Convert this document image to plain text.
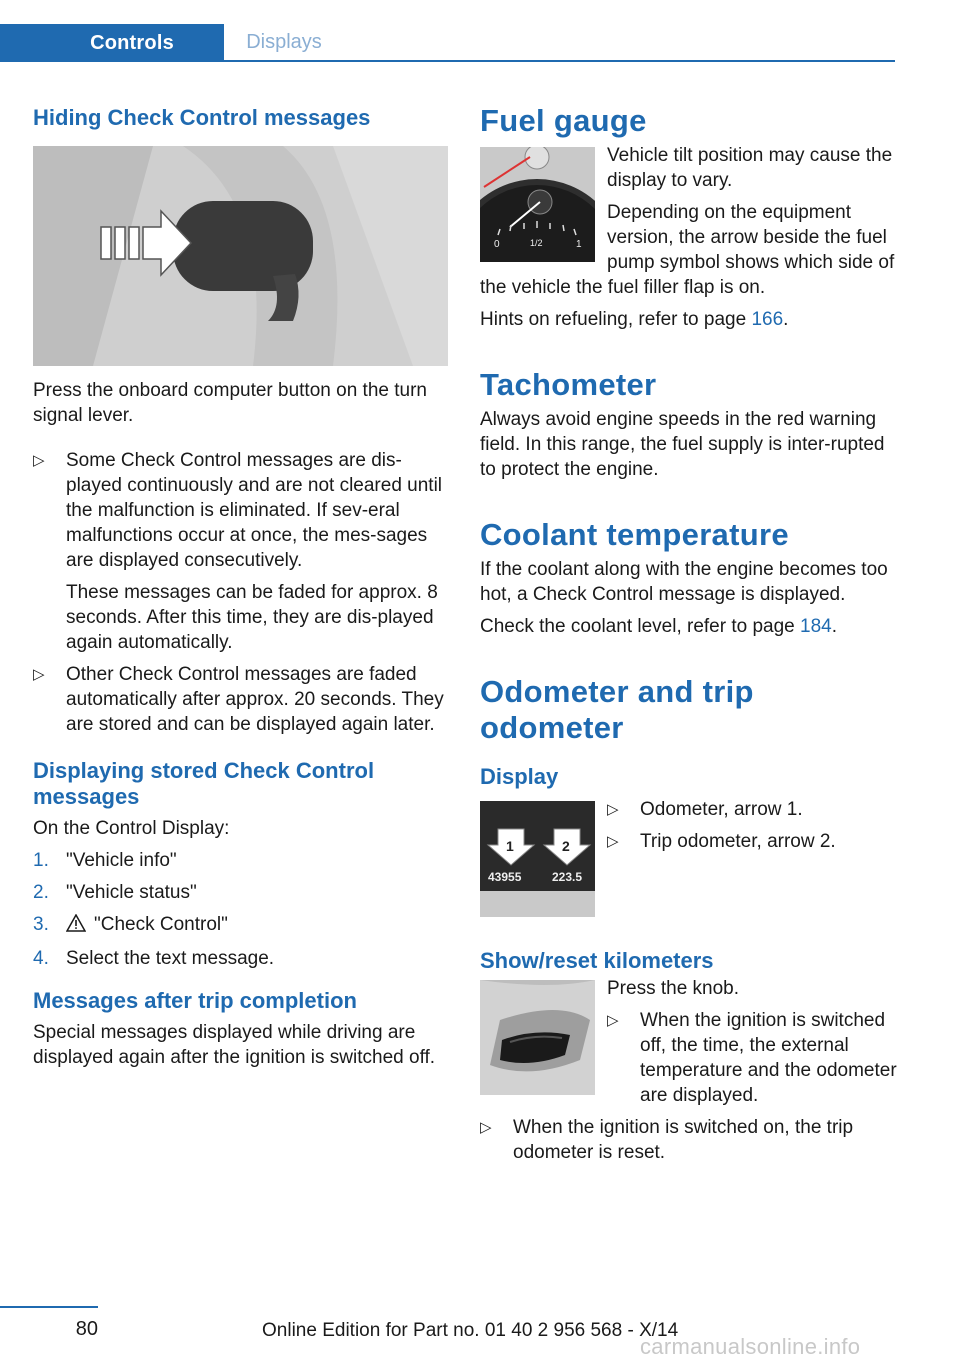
Controls	Displays
Hiding Check Control messages

Press the onboard computer button on the turn signal lever.

▷ Some Check Control messages are dis-played continuously and are not cleared until the malfunction is eliminated. If sev-eral malfunctions occur at once, the mes-sages are displayed consecutively.
These messages can be faded for approx. 8 seconds. After this time, they are dis-played again automatically.
▷ Other Check Control messages are faded automatically after approx. 20 seconds. They are stored and can be displayed again later.
Displaying stored Check Control messages

On the Control Display:

1. "Vehicle info"
2. "Vehicle status"
3. "Check Control"
4. Select the text message.
Messages after trip completion

Special messages displayed while driving are displayed again after the ignition is switched off.

Fuel gauge
0	1/2	1

Vehicle tilt position may cause the display to vary.

Depending on the equipment version, the arrow beside the fuel pump symbol shows which side of the vehicle the fuel filler flap is on.

Hints on refueling, refer to page 166.

Tachometer

Always avoid engine speeds in the red warning field. In this range, the fuel supply is inter-rupted to protect the engine.

Coolant temperature

If the coolant along with the engine becomes too hot, a Check Control message is displayed.

Check the coolant level, refer to page 184.

Odometer and trip odometer
Display
1	2
43955	223.5
▷ Odometer, arrow 1.
▷ Trip odometer, arrow 2.
Show/reset kilometers

Press the knob.

▷ When the ignition is switched off, the time, the external temperature and the odometer are displayed.
▷ When the ignition is switched on, the trip odometer is reset.
80	Online Edition for Part no. 01 40 2 956 568 - X/14
carmanualsonline.info
